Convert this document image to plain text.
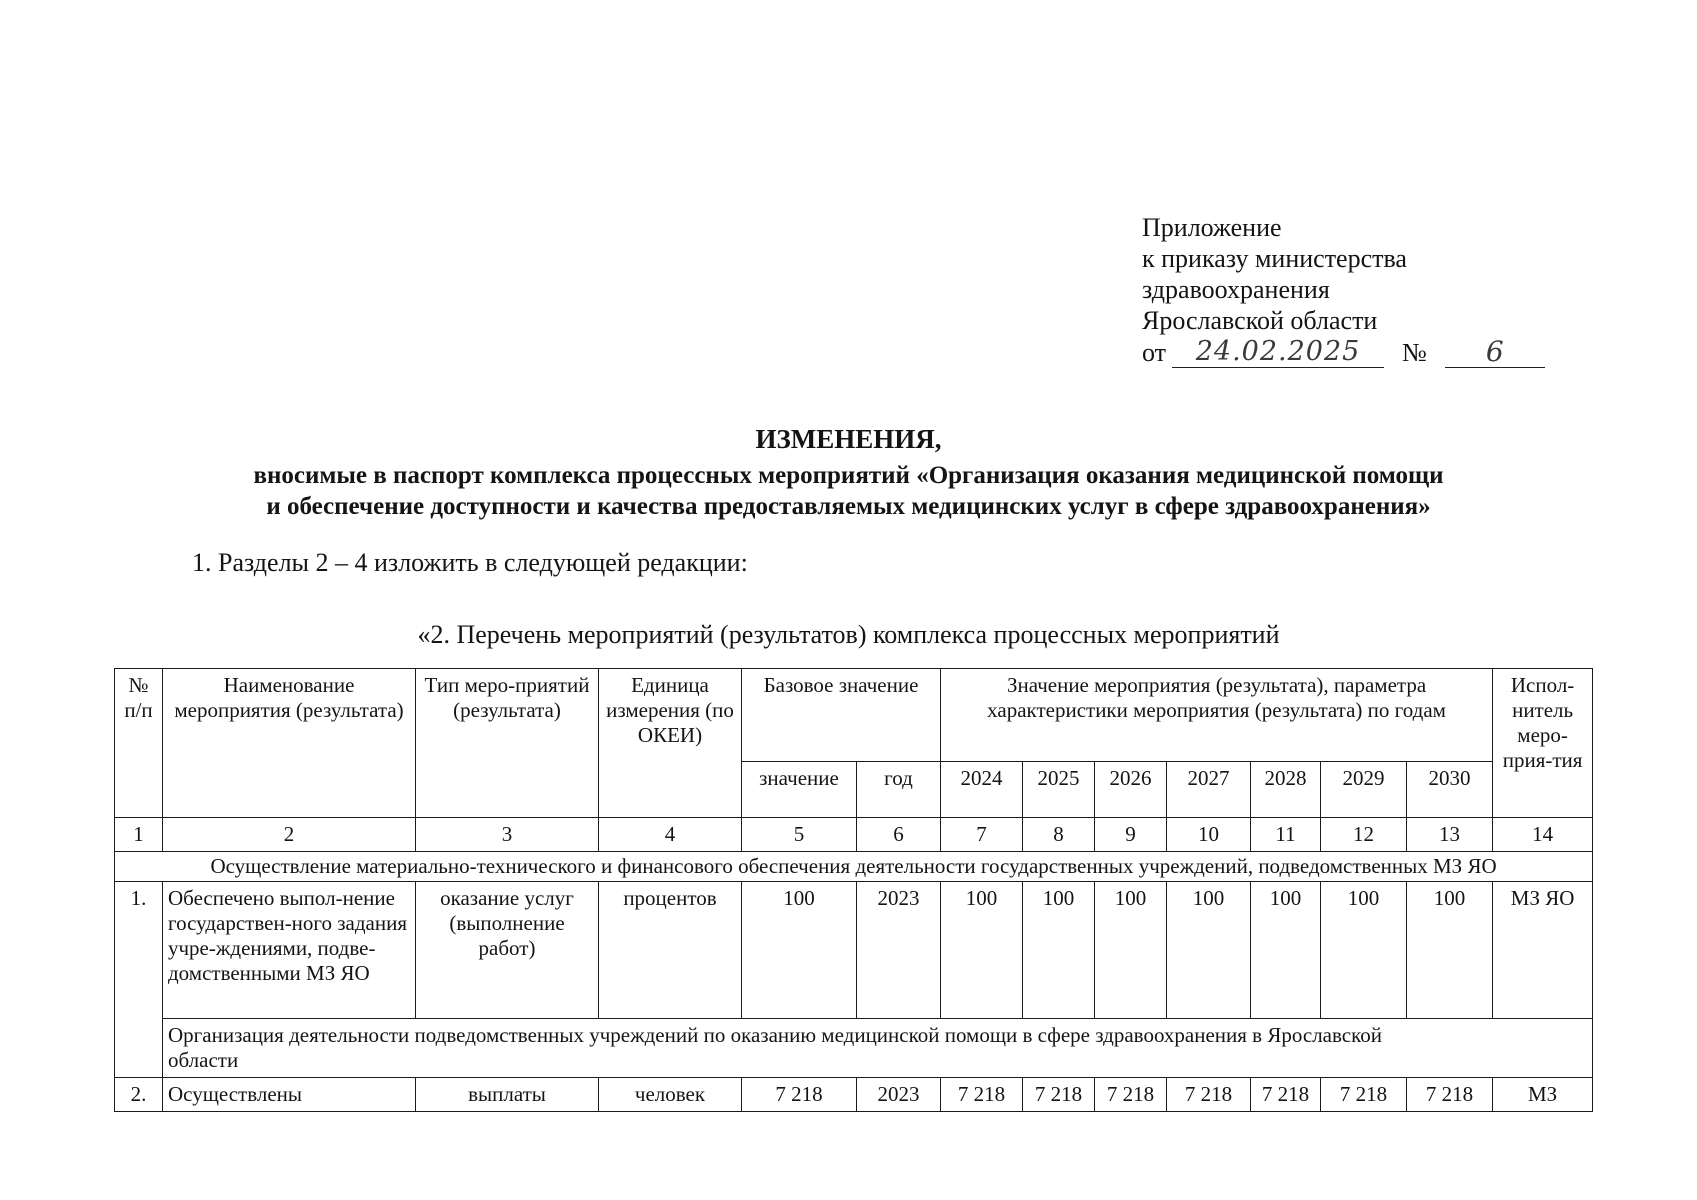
Приложение
к приказу министерства
здравоохранения
Ярославской области
от	24.02.2025	№	6
ИЗМЕНЕНИЯ,
вносимые в паспорт комплекса процессных мероприятий «Организация оказания медицинской помощи
и обеспечение доступности и качества предоставляемых медицинских услуг в сфере здравоохранения»
1. Разделы 2 – 4 изложить в следующей редакции:
«2. Перечень мероприятий (результатов) комплекса процессных мероприятий
№ п/п	Наименование мероприятия (результата)	Тип меро-приятий (результата)	Единица измерения (по ОКЕИ)	Базовое значение		Значение мероприятия (результата), параметра характеристики мероприятия (результата) по годам							Испол-нитель меро-прия-тия
				значение	год	2024	2025	2026	2027	2028	2029	2030	
1	2	3	4	5	6	7	8	9	10	11	12	13	14
Осуществление материально-технического и финансового обеспечения деятельности государственных учреждений, подведомственных МЗ ЯО													
1.	Обеспечено выпол-нение государствен-ного задания учре-ждениями, подве-домственными МЗ ЯО	оказание услуг (выполнение работ)	процентов	100	2023	100	100	100	100	100	100	100	МЗ ЯО
	Организация деятельности подведомственных учреждений по оказанию медицинской помощи в сфере здравоохранения в Ярославской области												
2.	Осуществлены	выплаты	человек	7 218	2023	7 218	7 218	7 218	7 218	7 218	7 218	7 218	МЗ
